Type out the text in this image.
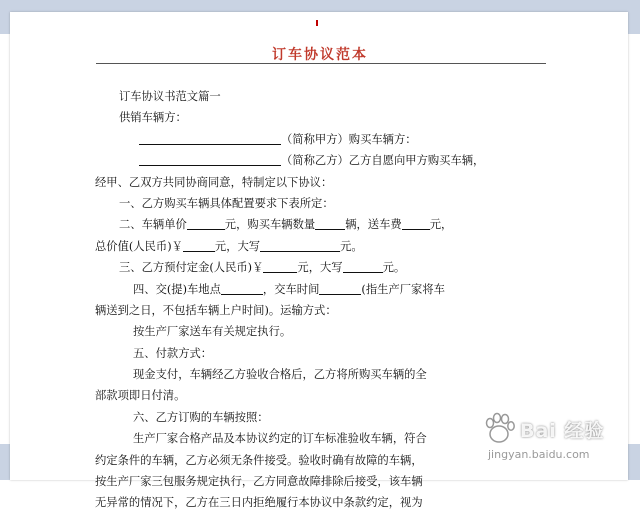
订车协议范本
订车协议书范文篇一
供销车辆方：
（简称甲方）购买车辆方：
（简称乙方）乙方自愿向甲方购买车辆，
经甲、乙双方共同协商同意，特制定以下协议：
一、乙方购买车辆具体配置要求下表所定：
二、车辆单价	元，购买车辆数量	辆，送车费 元，
总价值(人民币)￥	元，大写	元。
三、乙方预付定金(人民币)￥	元，大写	元。
四、交(提)车地点	，交车时间	(指生产厂家将车
辆送到之日，不包括车辆上户时间)。运输方式：
按生产厂家送车有关规定执行。
五、付款方式：
现金支付，车辆经乙方验收合格后，乙方将所购买车辆的全
部款项即日付清。
六、乙方订购的车辆按照：
生产厂家合格产品及本协议约定的订车标准验收车辆，符合
约定条件的车辆，乙方必须无条件接受。验收时确有故障的车辆，
按生产厂家三包服务规定执行，乙方同意故障排除后接受，该车辆
无异常的情况下，乙方在三日内拒绝履行本协议中条款约定，视为
Bai 经验
jingyan.baidu.com
